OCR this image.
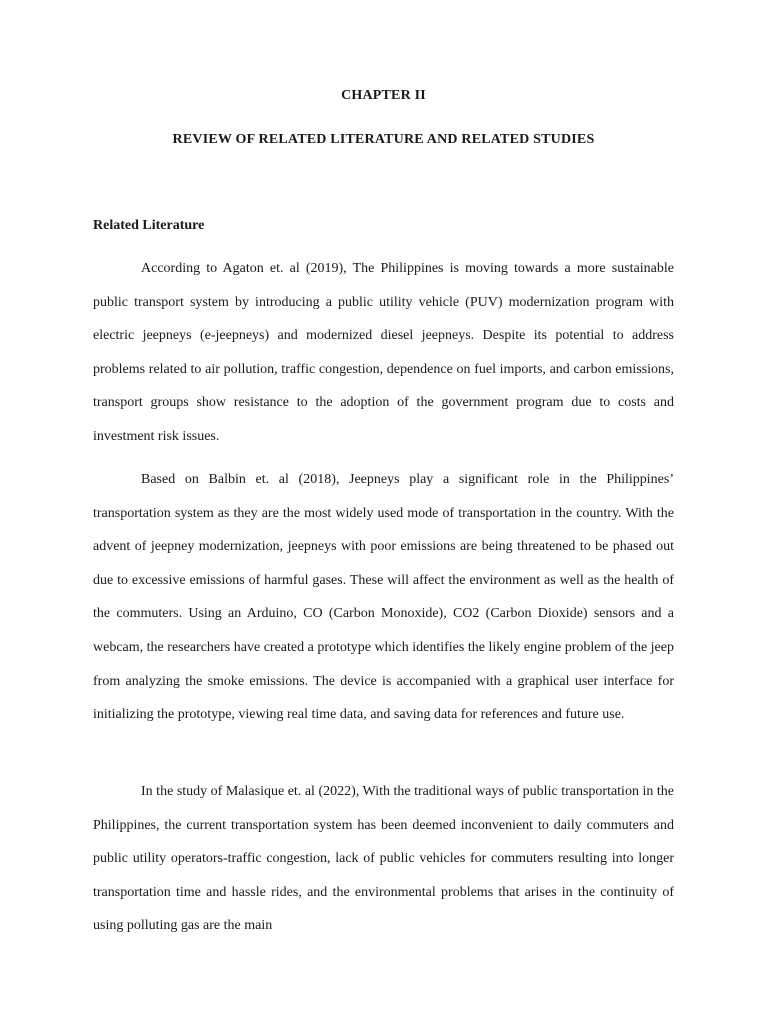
CHAPTER II
REVIEW OF RELATED LITERATURE AND RELATED STUDIES
Related Literature

According to Agaton et. al (2019), The Philippines is moving towards a more sustainable public transport system by introducing a public utility vehicle (PUV) modernization program with electric jeepneys (e-jeepneys) and modernized diesel jeepneys. Despite its potential to address problems related to air pollution, traffic congestion, dependence on fuel imports, and carbon emissions, transport groups show resistance to the adoption of the government program due to costs and investment risk issues.

Based on Balbin et. al (2018), Jeepneys play a significant role in the Philippines’ transportation system as they are the most widely used mode of transportation in the country. With the advent of jeepney modernization, jeepneys with poor emissions are being threatened to be phased out due to excessive emissions of harmful gases. These will affect the environment as well as the health of the commuters. Using an Arduino, CO (Carbon Monoxide), CO2 (Carbon Dioxide) sensors and a webcam, the researchers have created a prototype which identifies the likely engine problem of the jeep from analyzing the smoke emissions. The device is accompanied with a graphical user interface for initializing the prototype, viewing real time data, and saving data for references and future use.

In the study of Malasique et. al (2022), With the traditional ways of public transportation in the Philippines, the current transportation system has been deemed inconvenient to daily commuters and public utility operators-traffic congestion, lack of public vehicles for commuters resulting into longer transportation time and hassle rides, and the environmental problems that arises in the continuity of using polluting gas are the main
